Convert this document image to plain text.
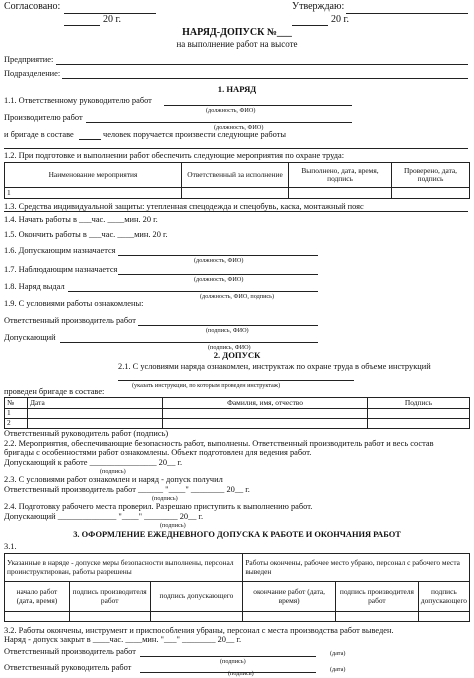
Согласовано:	Утверждаю:
20 г.	20 г.
НАРЯД-ДОПУСК №___
на выполнение работ на высоте
Предприятие:
Подразделение:
1. НАРЯД
1.1. Ответственному руководителю работ
(должность, ФИО)
Производителю работ
(должность, ФИО)
и бригаде в составе	человек поручается произвести следующие работы
1.2. При подготовке и выполнении работ обеспечить следующие мероприятия по охране труда:
Наименование мероприятия	Ответственный за исполнение	Выполнено, дата, время, подпись	Проверено, дата, подпись
1			
1.3. Средства индивидуальной защиты: утепленная спецодежда и спецобувь, каска, монтажный пояс
1.4. Начать работы в ___час. ____мин. 20 г.
1.5. Окончить работы в ___час. ____мин. 20 г.
1.6. Допускающим назначается
(должность, ФИО)
1.7. Наблюдающим назначается
(должность, ФИО)
1.8. Наряд выдал
(должность, ФИО, подпись)
1.9. С условиями работы ознакомлены:
Ответственный производитель работ
(подпись, ФИО)
Допускающий
(подпись, ФИО)
2. ДОПУСК
2.1. С условиями наряда ознакомлен, инструктаж по охране труда в объеме инструкций
(указать инструкции, по которым проведен инструктаж)
проведен бригаде в составе:
№	Дата	Фамилия, имя, отчество	Подпись
1			
2			
Ответственный руководитель работ (подпись)
2.2. Мероприятия, обеспечивающие безопасность работ, выполнены. Ответственный производитель работ и весь состав
бригады с особенностями работ ознакомлены. Объект подготовлен для ведения работ.
Допускающий к работе ________________ 20__ г.
(подпись)
2.3. С условиями работ ознакомлен и наряд - допуск получил
Ответственный производитель работ ______ "____" ________ 20__ г.
(подпись)
2.4. Подготовку рабочего места проверил. Разрешаю приступить к выполнению работ.
Допускающий ______________ "____" ________ 20__ г.
(подпись)
3. ОФОРМЛЕНИЕ ЕЖЕДНЕВНОГО ДОПУСКА К РАБОТЕ И ОКОНЧАНИЯ РАБОТ
3.1.
Указанные в наряде - допуске меры безопасности выполнены, персонал проинструктирован, работы разрешены			Работы окончены, рабочее место убрано, персонал с рабочего места выведен		
начало работ (дата, время)	подпись производителя работ	подпись допускающего	окончание работ (дата, время)	подпись производителя работ	подпись допускающего

3.2. Работы окончены, инструмент и приспособления убраны, персонал с места производства работ выведен.
Наряд - допуск закрыт в ____час. ____мин. "___" ________ 20__ г.
Ответственный производитель работ
(подпись)
(дата)
Ответственный руководитель работ
(подпись)
(дата)
